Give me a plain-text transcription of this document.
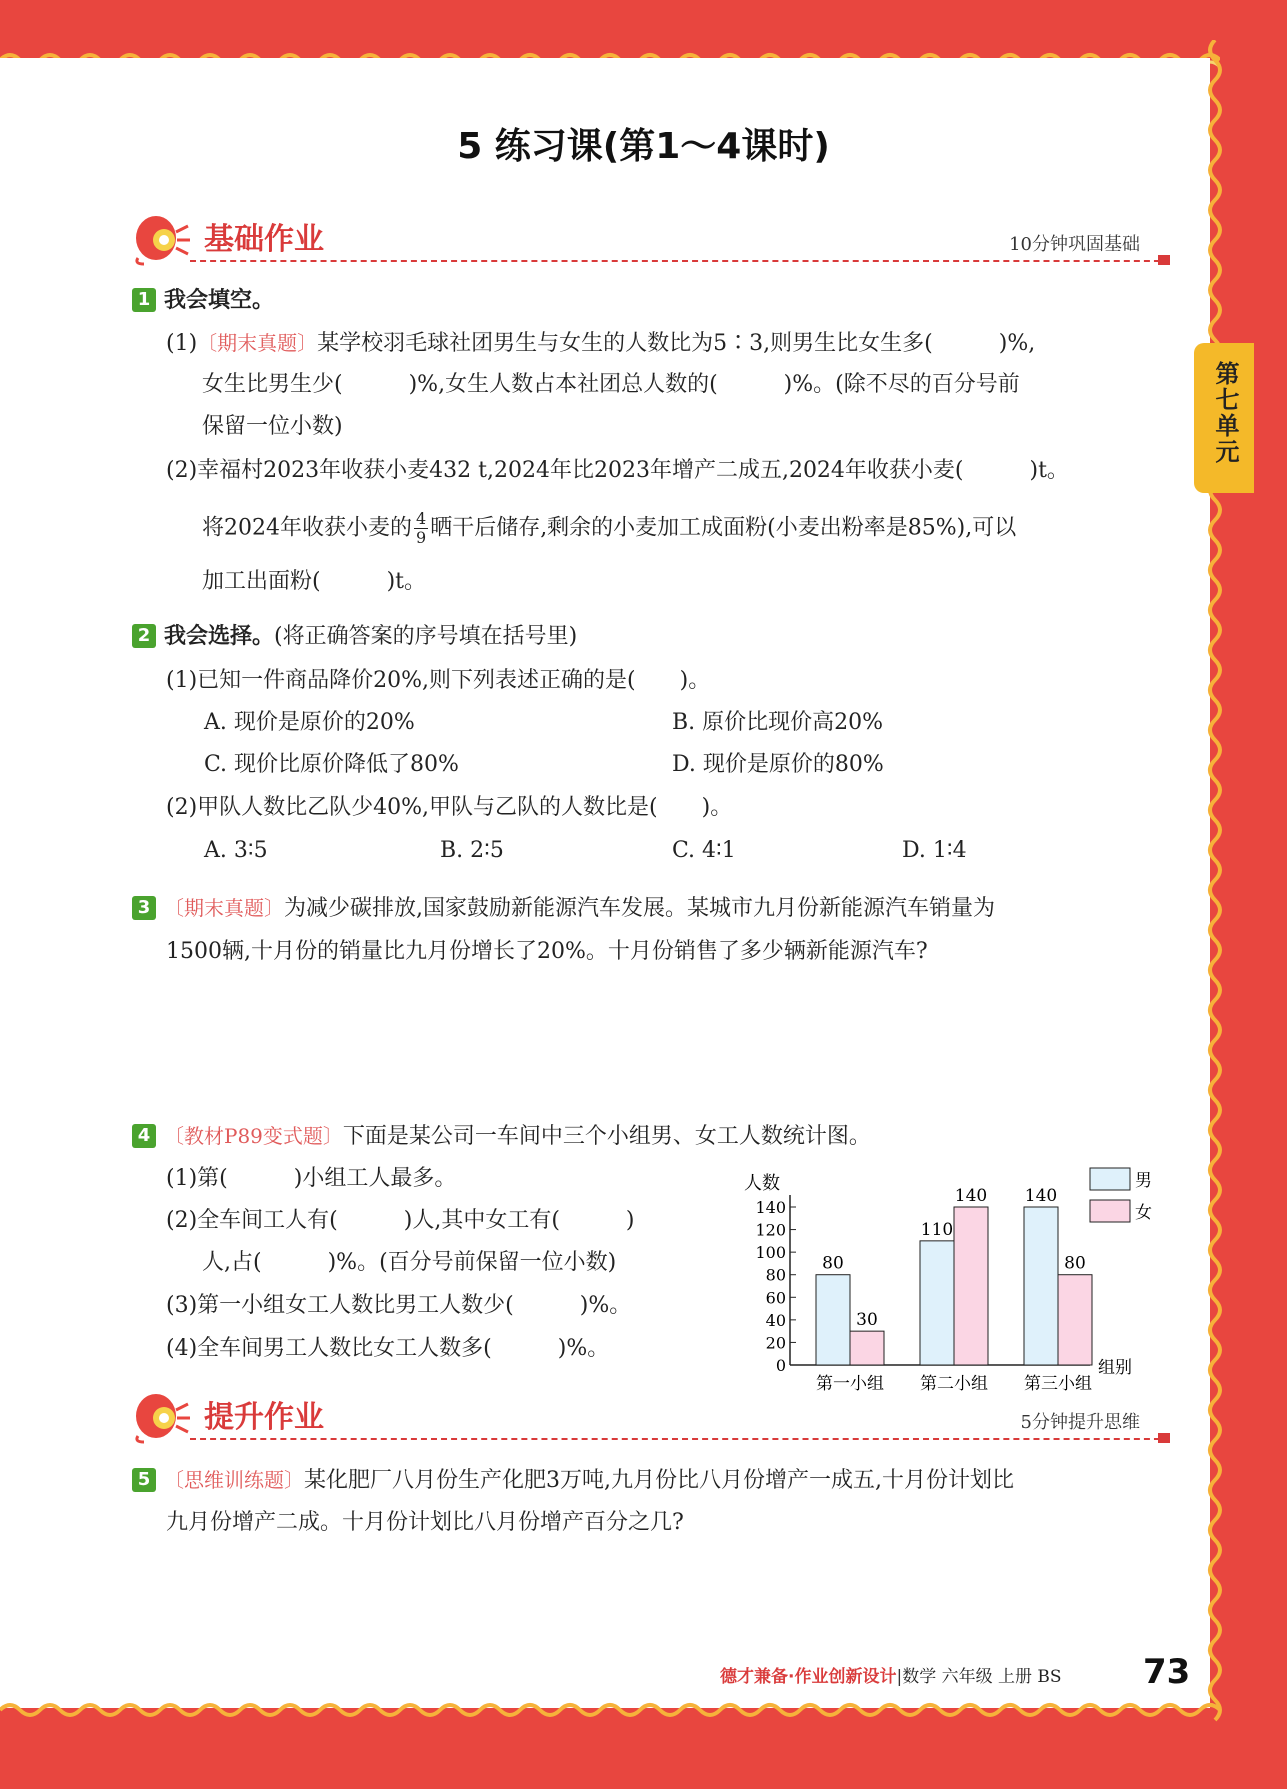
第七单元
5 练习课(第1～4课时)
基础作业	10分钟巩固基础
1 我会填空。
(1)〔期末真题〕某学校羽毛球社团男生与女生的人数比为5∶3,则男生比女生多(　　　)%,
女生比男生少(　　　)%,女生人数占本社团总人数的(　　　)%。(除不尽的百分号前
保留一位小数)
(2)幸福村2023年收获小麦432 t,2024年比2023年增产二成五,2024年收获小麦(　　　)t。
将2024年收获小麦的 $\frac{4}{9}$ 晒干后储存,剩余的小麦加工成面粉(小麦出粉率是85%),可以
加工出面粉(　　　)t。
2 我会选择。(将正确答案的序号填在括号里)
(1)已知一件商品降价20%,则下列表述正确的是(　　)。
A. 现价是原价的20%	B. 原价比现价高20%
C. 现价比原价降低了80%	D. 现价是原价的80%
(2)甲队人数比乙队少40%,甲队与乙队的人数比是(　　)。
A. 3∶5	B. 2∶5	C. 4∶1	D. 1∶4
3 〔期末真题〕为减少碳排放,国家鼓励新能源汽车发展。某城市九月份新能源汽车销量为
1500辆,十月份的销量比九月份增长了20%。十月份销售了多少辆新能源汽车?
4 〔教材P89变式题〕下面是某公司一车间中三个小组男、女工人数统计图。
(1)第(　　　)小组工人最多。
(2)全车间工人有(　　　)人,其中女工有(　　　)
人,占(　　　)%。(百分号前保留一位小数)
(3)第一小组女工人数比男工人数少(　　　)%。
(4)全车间男工人数比女工人数多(　　　)%。
人数
组别
0
20
40
60
80
100
120
140
80
30
第一小组
110
140
第二小组
140
80
第三小组
男
女
提升作业	5分钟提升思维
5 〔思维训练题〕某化肥厂八月份生产化肥3万吨,九月份比八月份增产一成五,十月份计划比
九月份增产二成。十月份计划比八月份增产百分之几?
德才兼备·作业创新设计|数学 六年级 上册 BS 73
